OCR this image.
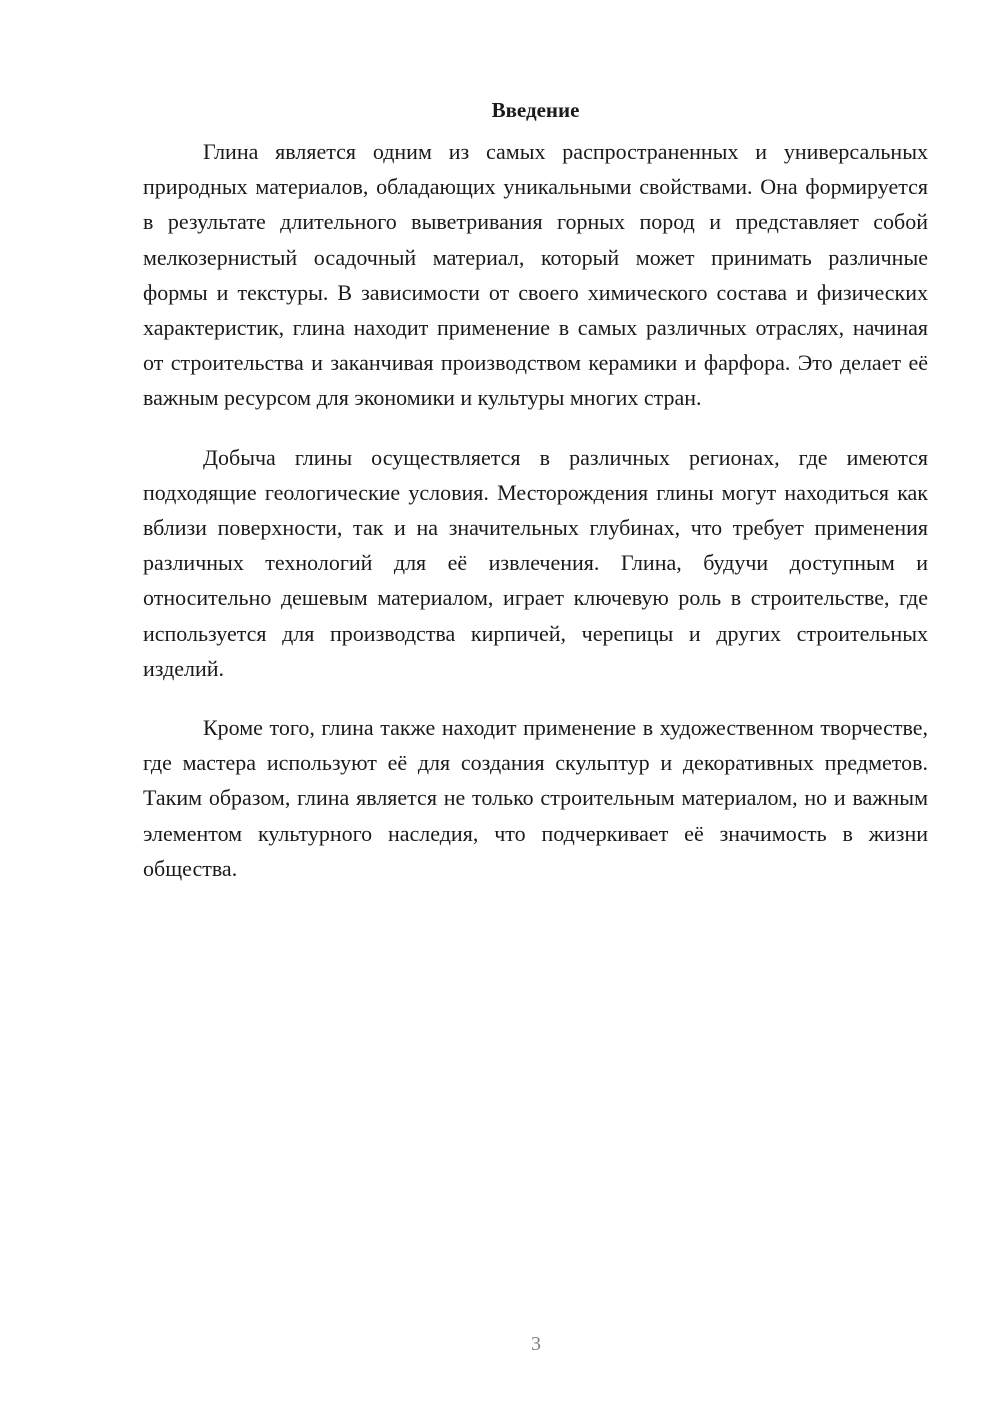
Введение

Глина является одним из самых распространенных и универсальных природных материалов, обладающих уникальными свойствами. Она формируется в результате длительного выветривания горных пород и представляет собой мелкозернистый осадочный материал, который может принимать различные формы и текстуры. В зависимости от своего химического состава и физических характеристик, глина находит применение в самых различных отраслях, начиная от строительства и заканчивая производством керамики и фарфора. Это делает её важным ресурсом для экономики и культуры многих стран.

Добыча глины осуществляется в различных регионах, где имеются подходящие геологические условия. Месторождения глины могут находиться как вблизи поверхности, так и на значительных глубинах, что требует применения различных технологий для её извлечения. Глина, будучи доступным и относительно дешевым материалом, играет ключевую роль в строительстве, где используется для производства кирпичей, черепицы и других строительных изделий.

Кроме того, глина также находит применение в художественном творчестве, где мастера используют её для создания скульптур и декоративных предметов. Таким образом, глина является не только строительным материалом, но и важным элементом культурного наследия, что подчеркивает её значимость в жизни общества.

3
